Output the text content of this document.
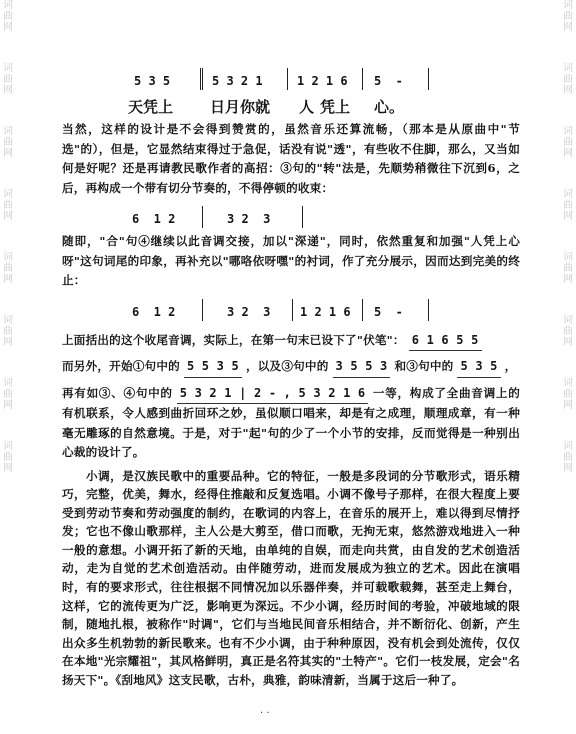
词
曲
网
词
曲
网
词
曲
网
词
曲
网
词
曲
网
词
曲
网
词
曲
网
词
曲
网
词
曲
网
词
曲
网
词
曲
网
词
曲
网
词
曲
网
词
曲
网
词
曲
网
词
曲
网
5 3 5	5 3 2 1	1 2 1 6 5  -
天凭上 日月你就 人 凭上 心。

当然，这样的设计是不会得到赞赏的，虽然音乐还算流畅，（那本是从原曲中"节选"的），但是，它显然结束得过于急促，话没有说"透"，有些收不住脚，那么，又当如何是好呢？还是再请教民歌作者的高招：③句的"转"法是，先顺势稍微往下沉到6，之后，再构成一个带有切分节奏的，不得停顿的收束：

6  1 2	3 2  3

随即，"合"句④继续以此音调交接，加以"深递"，同时，依然重复和加强"人凭上心呀"这句词尾的印象，再补充以"哪咯依呀嘿"的衬词，作了充分展示，因而达到完美的终止：

6  1 2	3 2  3 1 2 1 6 5  -

上面括出的这个收尾音调，实际上，在第一句末已设下了"伏笔"： 6 1 6 5 5

而另外，开始①句中的 5 5 3 5 ，以及③句中的 3 5 5 3 和③句中的 5 3 5 ，

再有如③、④句中的 5 3 2 1 | 2 - , 5 3 2 1 6 一等，构成了全曲音调上的有机联系，令人感到曲折回环之妙，虽似顺口唱来，却是有之成理，顺理成章，有一种毫无雕琢的自然意境。于是，对于"起"句的少了一个小节的安排，反而觉得是一种别出心裁的设计了。

小调，是汉族民歌中的重要品种。它的特征，一般是多段词的分节歌形式，语乐精巧，完整，优美，舞水，经得住推敲和反复选唱。小调不像号子那样，在很大程度上要受到劳动节奏和劳动强度的制约，在歌词的内容上，在音乐的展开上，难以得到尽情抒发；它也不像山歌那样，主人公是大剪至，借口而歌，无拘无束，悠然游戏地进入一种一般的意想。小调开拓了新的天地，由单纯的自娱，而走向共赏，由自发的艺术创造活动，走为自觉的艺术创造活动。由伴随劳动，进而发展成为独立的艺术。因此在演唱时，有的要求形式，往往根据不同情况加以乐器伴奏，并可载歌载舞，甚至走上舞台，这样，它的流传更为广泛，影响更为深远。不少小调，经历时间的考验，冲破地域的限制，随地扎根，被称作"时调"，它们与当地民间音乐相结合，并不断衍化、创新，产生出众多生机勃勃的新民歌来。也有不少小调，由于种种原因，没有机会到处流传，仅仅在本地"光宗耀祖"，其风格鲜明，真正是名符其实的"土特产"。它们一枝发展，定会"名扬天下"。《刮地风》这支民歌，古朴，典雅，韵味清新，当属于这后一种了。

· ·
